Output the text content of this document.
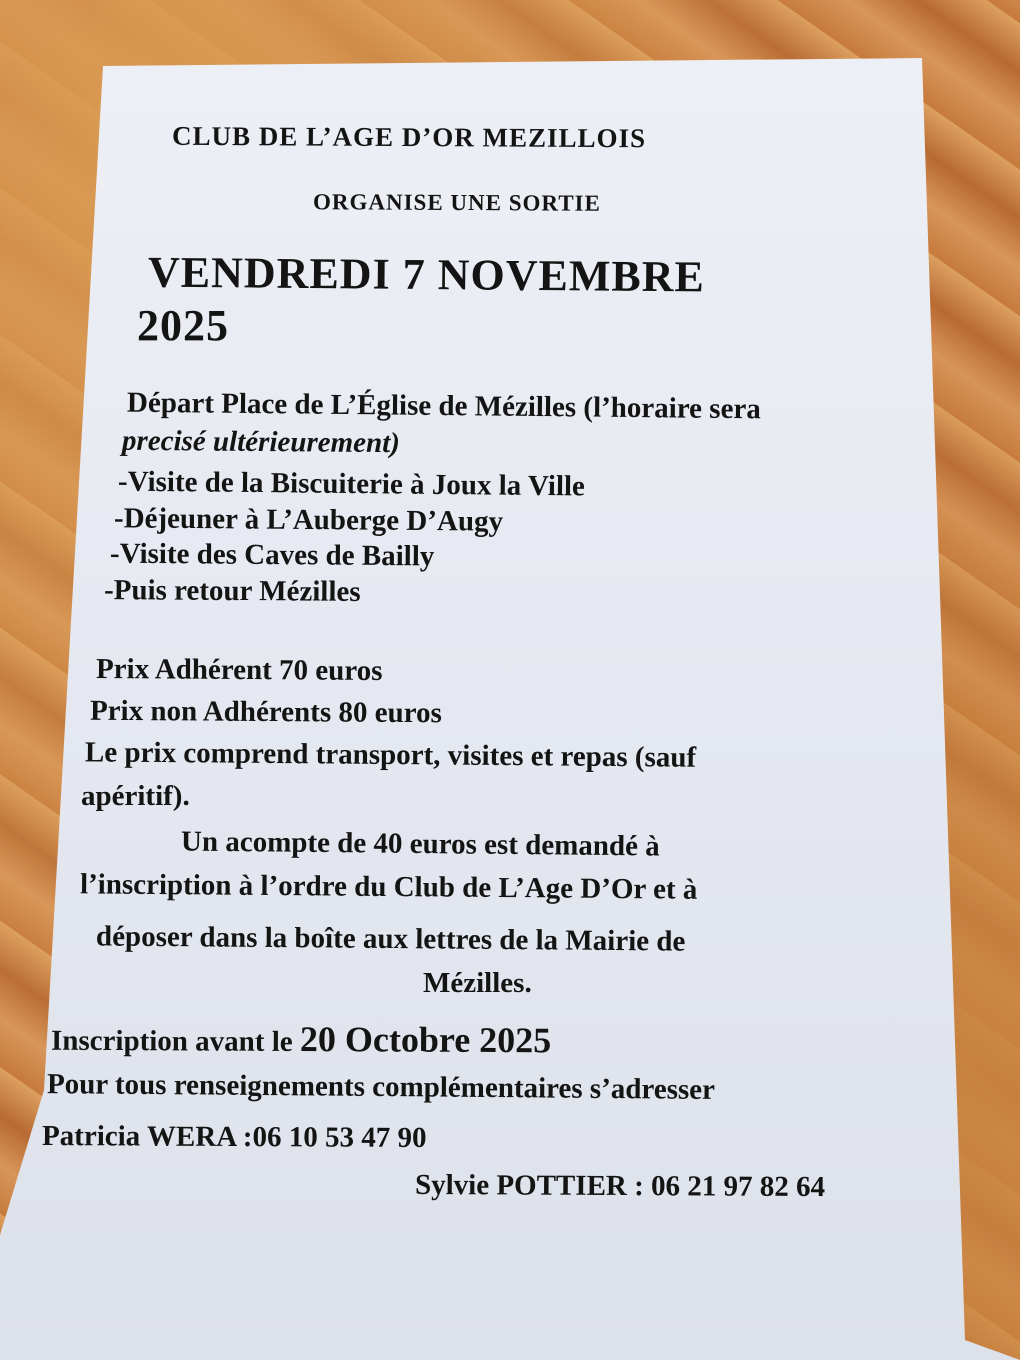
CLUB DE L’AGE D’OR MEZILLOIS
ORGANISE UNE SORTIE
VENDREDI 7 NOVEMBRE
2025
Départ Place de L’Église de Mézilles (l’horaire sera
precisé ultérieurement)
-Visite de la Biscuiterie à Joux la Ville
-Déjeuner à L’Auberge D’Augy
-Visite des Caves de Bailly
-Puis retour Mézilles
Prix Adhérent 70 euros
Prix non Adhérents 80 euros
Le prix comprend transport, visites et repas (sauf
apéritif).
Un acompte de 40 euros est demandé à
l’inscription à l’ordre du Club de L’Age D’Or et à
déposer dans la boîte aux lettres de la Mairie de
Mézilles.
Inscription avant le 20 Octobre 2025
Pour tous renseignements complémentaires s’adresser
Patricia WERA :06 10 53 47 90
Sylvie POTTIER : 06 21 97 82 64
